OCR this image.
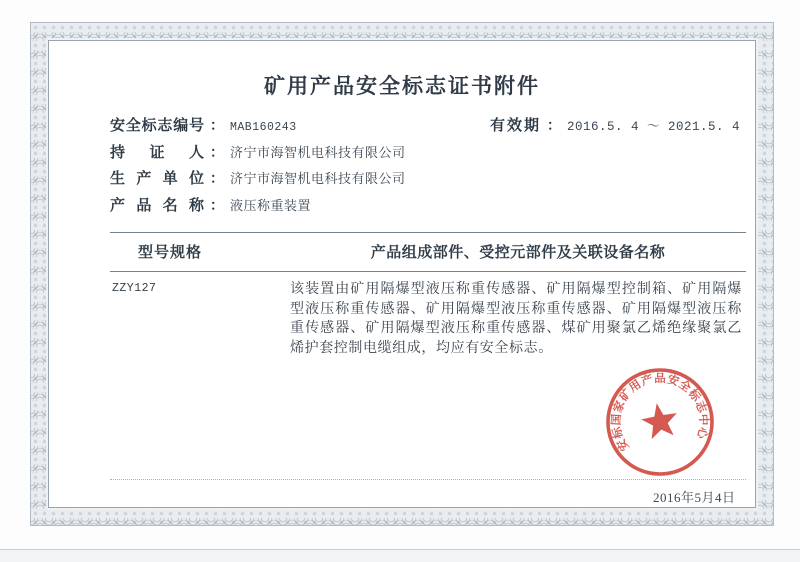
矿用产品安全标志证书附件
安全标志编号 ： MAB160243	有效期 ： 2016.5. 4 ～ 2021.5. 4
持证人 ： 济宁市海智机电科技有限公司
生产单位 ： 济宁市海智机电科技有限公司
产品名称 ： 液压称重装置
型号规格	产品组成部件、受控元部件及关联设备名称
ZZY127	该装置由矿用隔爆型液压称重传感器、矿用隔爆型控制箱、矿用隔爆型液压称重传感器、矿用隔爆型液压称重传感器、矿用隔爆型液压称重传感器、矿用隔爆型液压称重传感器、煤矿用聚氯乙烯绝缘聚氯乙烯护套控制电缆组成，均应有安全标志。
安标国家矿用产品安全标志中心
2016年5月4日
